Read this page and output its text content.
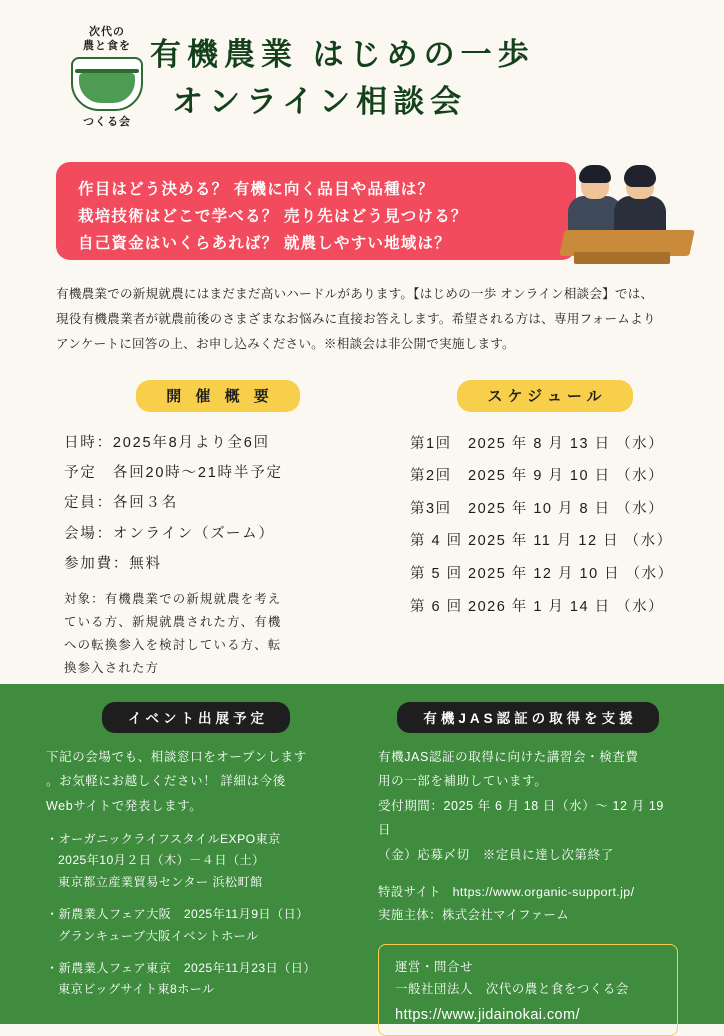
次代の
農と食を
つくる会
有機農業 はじめの一歩
オンライン相談会
作目はどう決める？ 有機に向く品目や品種は？
栽培技術はどこで学べる？ 売り先はどう見つける？
自己資金はいくらあれば？ 就農しやすい地域は？
有機農業での新規就農にはまだまだ高いハードルがあります。【はじめの一歩 オンライン相談会】では、
現役有機農業者が就農前後のさまざまなお悩みに直接お答えします。希望される方は、専用フォームより
アンケートに回答の上、お申し込みください。※相談会は非公開で実施します。
開 催 概 要
日時：2025年8月より全6回
予定　各回20時～21時半予定
定員：各回３名
会場：オンライン（ズーム）
参加費：無料
対象：有機農業での新規就農を考え
ている方、新規就農された方、有機
への転換参入を検討している方、転
換参入された方
スケジュール
第1回 2025 年 8 月 13 日 （水）
第2回 2025 年 9 月 10 日 （水）
第3回 2025 年 10 月 8 日 （水）
第 4 回 2025 年 11 月 12 日 （水）
第 5 回 2025 年 12 月 10 日 （水）
第 6 回 2026 年 1 月 14 日 （水）
イベント出展予定
下記の会場でも、相談窓口をオープンします
。お気軽にお越しください！ 詳細は今後
Webサイトで発表します。
・オーガニックライフスタイルEXPO東京
2025年10月２日（木）－４日（土）
東京都立産業貿易センター 浜松町館
・新農業人フェア大阪　2025年11月9日（日）
グランキューブ大阪イベントホール
・新農業人フェア東京　2025年11月23日（日）
東京ビッグサイト東8ホール
有機JAS認証の取得を支援
有機JAS認証の取得に向けた講習会・検査費
用の一部を補助しています。
受付期間：2025 年 6 月 18 日（水）～ 12 月 19 日
（金）応募〆切　※定員に達し次第終了
特設サイト https://www.organic-support.jp/
実施主体：株式会社マイファーム
運営・問合せ
一般社団法人　次代の農と食をつくる会
https://www.jidainokai.com/
